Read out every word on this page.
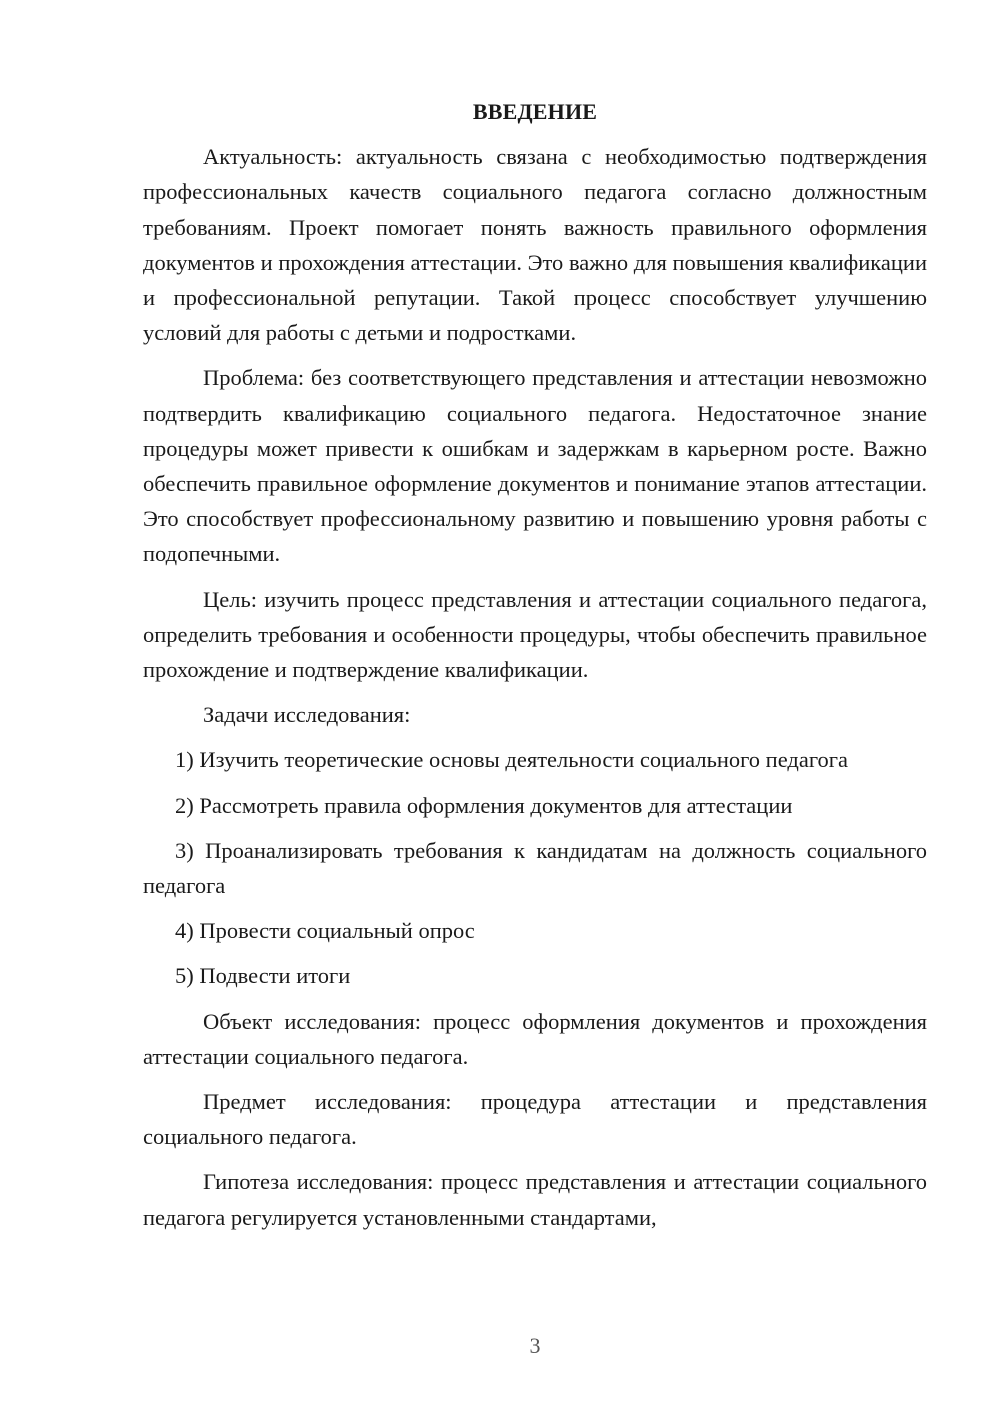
ВВЕДЕНИЕ

Актуальность: актуальность связана с необходимостью подтверждения профессиональных качеств социального педагога согласно должностным требованиям. Проект помогает понять важность правильного оформления документов и прохождения аттестации. Это важно для повышения квалификации и профессиональной репутации. Такой процесс способствует улучшению условий для работы с детьми и подростками.

Проблема: без соответствующего представления и аттестации невозможно подтвердить квалификацию социального педагога. Недостаточное знание процедуры может привести к ошибкам и задержкам в карьерном росте. Важно обеспечить правильное оформление документов и понимание этапов аттестации. Это способствует профессиональному развитию и повышению уровня работы с подопечными.

Цель: изучить процесс представления и аттестации социального педагога, определить требования и особенности процедуры, чтобы обеспечить правильное прохождение и подтверждение квалификации.

Задачи исследования:

1) Изучить теоретические основы деятельности социального педагога

2) Рассмотреть правила оформления документов для аттестации

3) Проанализировать требования к кандидатам на должность социального педагога

4) Провести социальный опрос

5) Подвести итоги

Объект исследования: процесс оформления документов и прохождения аттестации социального педагога.

Предмет исследования: процедура аттестации и представления социального педагога.

Гипотеза исследования: процесс представления и аттестации социального педагога регулируется установленными стандартами,

3
